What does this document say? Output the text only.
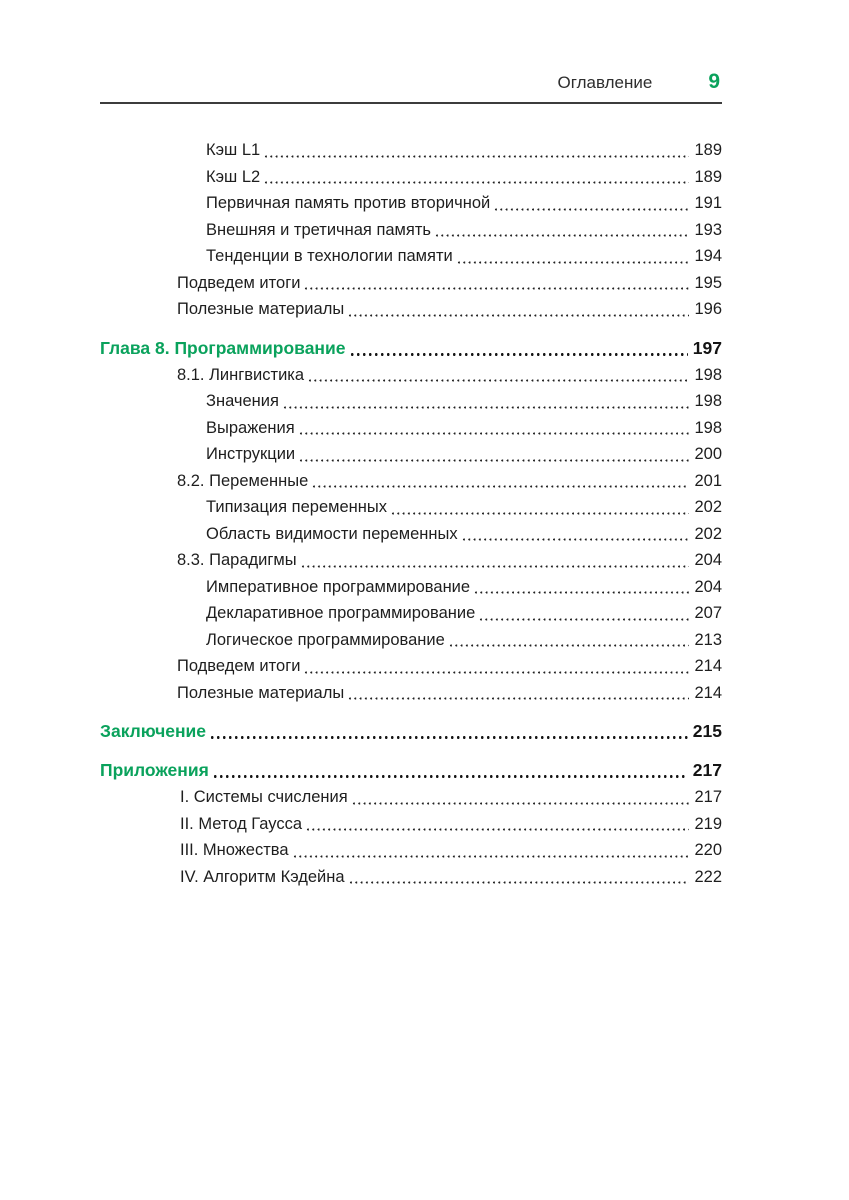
Оглавление	9
Кэш L1	189
Кэш L2	189
Первичная память против вторичной	191
Внешняя и третичная память	193
Тенденции в технологии памяти	194
Подведем итоги	195
Полезные материалы	196
Глава 8. Программирование	197
8.1. Лингвистика	198
Значения	198
Выражения	198
Инструкции	200
8.2. Переменные	201
Типизация переменных	202
Область видимости переменных	202
8.3. Парадигмы	204
Императивное программирование	204
Декларативное программирование	207
Логическое программирование	213
Подведем итоги	214
Полезные материалы	214
Заключение	215
Приложения	217
I. Системы счисления	217
II. Метод Гаусса	219
III. Множества	220
IV. Алгоритм Кэдейна	222
